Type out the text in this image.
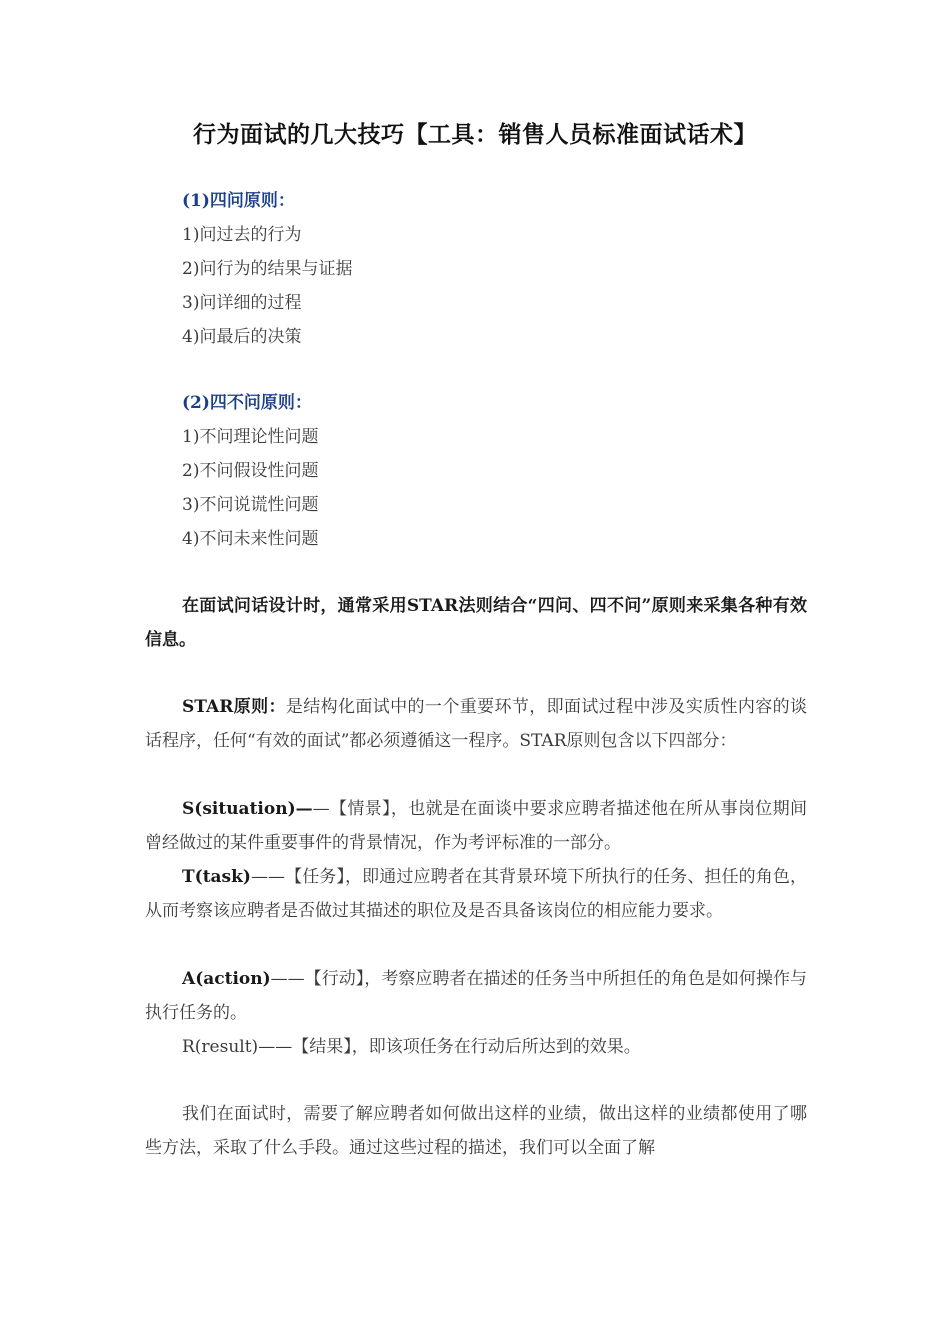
行为面试的几大技巧【工具：销售人员标准面试话术】

(1)四问原则：

1)问过去的行为

2)问行为的结果与证据

3)问详细的过程

4)问最后的决策

(2)四不问原则：

1)不问理论性问题

2)不问假设性问题

3)不问说谎性问题

4)不问未来性问题

在面试问话设计时，通常采用STAR法则结合“四问、四不问”原则来采集各种有效信息。

STAR原则：是结构化面试中的一个重要环节，即面试过程中涉及实质性内容的谈话程序，任何“有效的面试”都必须遵循这一程序。STAR原则包含以下四部分：

S(situation)——【情景】，也就是在面谈中要求应聘者描述他在所从事岗位期间曾经做过的某件重要事件的背景情况，作为考评标准的一部分。

T(task)——【任务】，即通过应聘者在其背景环境下所执行的任务、担任的角色，从而考察该应聘者是否做过其描述的职位及是否具备该岗位的相应能力要求。

A(action)——【行动】，考察应聘者在描述的任务当中所担任的角色是如何操作与执行任务的。

R(result)——【结果】，即该项任务在行动后所达到的效果。

我们在面试时，需要了解应聘者如何做出这样的业绩，做出这样的业绩都使用了哪些方法，采取了什么手段。通过这些过程的描述，我们可以全面了解
